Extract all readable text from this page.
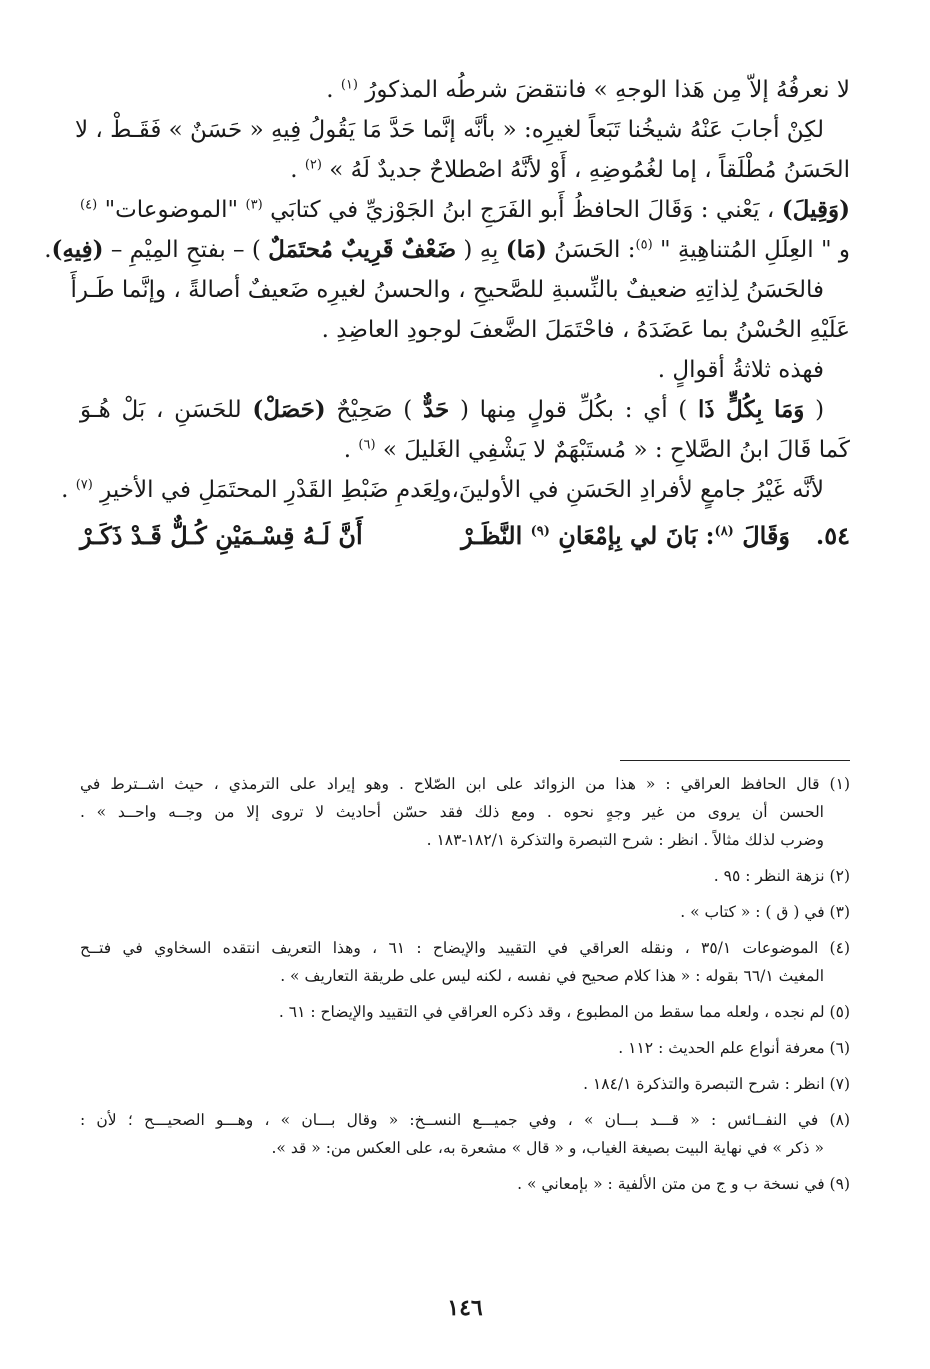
لا نعرفُهُ إلاّ مِن هَذا الوجهِ » فانتقضَ شرطُه المذكورُ $^{(١)}$ .
لكِنْ أجابَ عَنْهُ شيخُنا تَبَعاً لغيرِه: « بأنَّه إنَّما حَدَّ مَا يَقُولُ فِيهِ « حَسَنٌ » فَقَـطْ ، لا
الحَسَنُ مُطْلَقاً ، إما لغُمُوضِهِ ، أَوْ لأنَّهُ اصْطلاحٌ جديدٌ لَهُ » $^{(٢)}$ .
(وَقِيلَ) ، يَعْني : وَقَالَ الحافظُ أَبو الفَرَجِ ابنُ الجَوْزيِّ في كتابَي $^{(٣)}$ "الموضوعات" $^{(٤)}$
و " العِلَلِ المُتناهِيةِ " $^{(٥)}$: الحَسَنُ (مَا) بِهِ ( ضَعْفٌ قَرِيبٌ مُحتَمَلٌ ) – بفتحِ المِيْمِ – (فِيهِ).
فالحَسَنُ لِذاتِهِ ضعيفٌ بالنِّسبةِ للصَّحيحِ ، والحسنُ لغيرِه ضَعيفٌ أصالةً ، وإنَّما طَـرأَ
عَلَيْهِ الحُسْنُ بما عَضَدَهُ ، فاحْتَمَلَ الضَّعفَ لوجودِ العاضِدِ .
فهذه ثلاثةُ أقوالٍ .
( وَمَا بِكُلٍّ ذَا ) أي : بكُلِّ قولٍ مِنها ( حَدٌّ ) صَحِيْحٌ (حَصَلْ) للحَسَنِ ، بَلْ هُـوَ
كَما قَالَ ابنُ الصَّلاحِ : « مُستَبْهَمٌ لا يَشْفِي الغَليلَ » $^{(٦)}$ .
لأنَّه غَيْرُ جامعٍ لأفرادِ الحَسَنِ في الأولينَ،ولِعَدمِ ضَبْطِ القَدْرِ المحتَمَلِ في الأخيرِ $^{(٧)}$ .
٥٤.
وَقَالَ $^{(٨)}$: بَانَ لي بِإمْعَانِ $^{(٩)}$ النَّظَـرْ
أَنَّ لَـهُ قِسْـمَيْنِ كُـلٌّ قَـدْ ذَكَـرْ
(١) قال الحافظ العراقي : « هذا من الزوائد على ابن الصّلاح . وهو إيراد على الترمذي ، حيث اشــترط في
الحسن أن يروى من غير وجهٍ نحوه . ومع ذلك فقد حسّن أحاديث لا تروى إلا من وجــه واحــد » .
وضرب لذلك مثالاً . انظر : شرح التبصرة والتذكرة ١٨٢/١-١٨٣ .
(٢) نزهة النظر : ٩٥ .
(٣) في ( ق ) : « كتاب » .
(٤) الموضوعات ٣٥/١ ، ونقله العراقي في التقييد والإيضاح : ٦١ ، وهذا التعريف انتقده السخاوي في فتــح
المغيث ٦٦/١ بقوله : « هذا كلام صحيح في نفسه ، لكنه ليس على طريقة التعاريف » .
(٥) لم نجده ، ولعله مما سقط من المطبوع ، وقد ذكره العراقي في التقييد والإيضاح : ٦١ .
(٦) معرفة أنواع علم الحديث : ١١٢ .
(٧) انظر : شرح التبصرة والتذكرة ١٨٤/١ .
(٨) في النفــائس : « قـــد بـــان » ، وفي جميـــع النســخ: « وقال بـــان » ، وهـــو الصحيـــح ؛ لأن :
« ذكر » في نهاية البيت بصيغة الغياب، و « قال » مشعرة به، على العكس من: « قد ».
(٩) في نسخة ب و ج من متن الألفية : « بإمعاني » .
١٤٦
